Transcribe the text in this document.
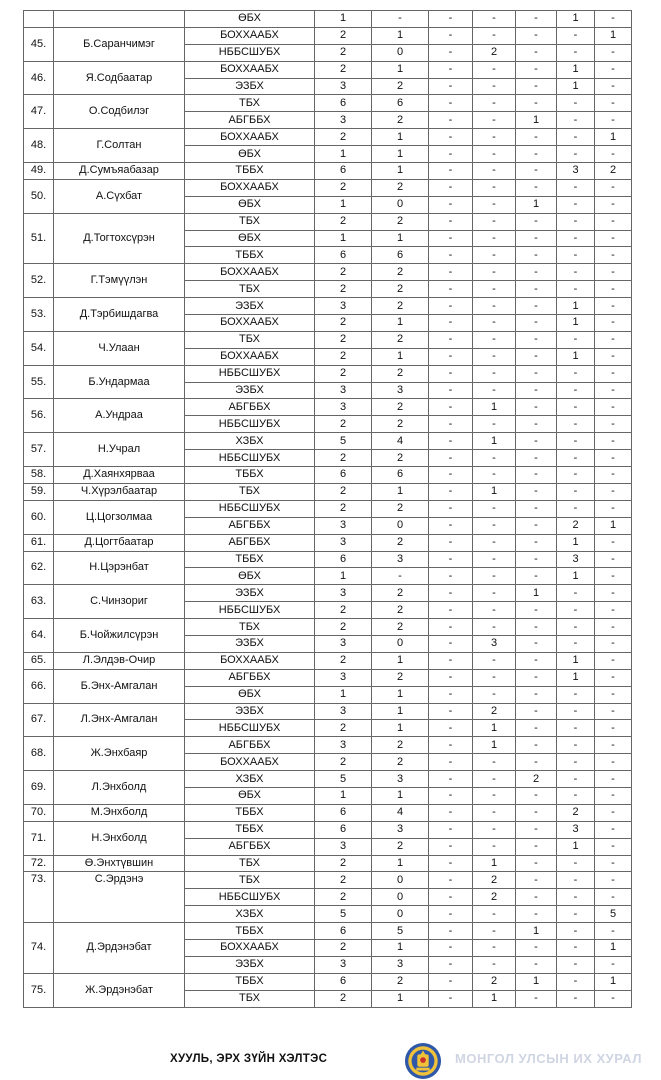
		ӨБХ	1	-	-	-	-	1	-
45.	Б.Саранчимэг	БОХХААБХ	2	1	-	-	-	-	1
		НББСШУБХ	2	0	-	2	-	-	-
46.	Я.Содбаатар	БОХХААБХ	2	1	-	-	-	1	-
		ЭЗБХ	3	2	-	-	-	1	-
47.	О.Содбилэг	ТБХ	6	6	-	-	-	-	-
		АБГББХ	3	2	-	-	1	-	-
48.	Г.Солтан	БОХХААБХ	2	1	-	-	-	-	1
		ӨБХ	1	1	-	-	-	-	-
49.	Д.Сумъяабазар	ТББХ	6	1	-	-	-	3	2
50.	А.Сүхбат	БОХХААБХ	2	2	-	-	-	-	-
		ӨБХ	1	0	-	-	1	-	-
51.	Д.Тогтохсүрэн	ТБХ	2	2	-	-	-	-	-
		ӨБХ	1	1	-	-	-	-	-
		ТББХ	6	6	-	-	-	-	-
52.	Г.Тэмүүлэн	БОХХААБХ	2	2	-	-	-	-	-
		ТБХ	2	2	-	-	-	-	-
53.	Д.Тэрбишдагва	ЭЗБХ	3	2	-	-	-	1	-
		БОХХААБХ	2	1	-	-	-	1	-
54.	Ч.Улаан	ТБХ	2	2	-	-	-	-	-
		БОХХААБХ	2	1	-	-	-	1	-
55.	Б.Ундармаа	НББСШУБХ	2	2	-	-	-	-	-
		ЭЗБХ	3	3	-	-	-	-	-
56.	А.Ундраа	АБГББХ	3	2	-	1	-	-	-
		НББСШУБХ	2	2	-	-	-	-	-
57.	Н.Учрал	ХЗБХ	5	4	-	1	-	-	-
		НББСШУБХ	2	2	-	-	-	-	-
58.	Д.Хаянхярваа	ТББХ	6	6	-	-	-	-	-
59.	Ч.Хүрэлбаатар	ТБХ	2	1	-	1	-	-	-
60.	Ц.Цогзолмаа	НББСШУБХ	2	2	-	-	-	-	-
		АБГББХ	3	0	-	-	-	2	1
61.	Д.Цогтбаатар	АБГББХ	3	2	-	-	-	1	-
62.	Н.Цэрэнбат	ТББХ	6	3	-	-	-	3	-
		ӨБХ	1	-	-	-	-	1	-
63.	С.Чинзориг	ЭЗБХ	3	2	-	-	1	-	-
		НББСШУБХ	2	2	-	-	-	-	-
64.	Б.Чойжилсүрэн	ТБХ	2	2	-	-	-	-	-
		ЭЗБХ	3	0	-	3	-	-	-
65.	Л.Элдэв-Очир	БОХХААБХ	2	1	-	-	-	1	-
66.	Б.Энх-Амгалан	АБГББХ	3	2	-	-	-	1	-
		ӨБХ	1	1	-	-	-	-	-
67.	Л.Энх-Амгалан	ЭЗБХ	3	1	-	2	-	-	-
		НББСШУБХ	2	1	-	1	-	-	-
68.	Ж.Энхбаяр	АБГББХ	3	2	-	1	-	-	-
		БОХХААБХ	2	2	-	-	-	-	-
69.	Л.Энхболд	ХЗБХ	5	3	-	-	2	-	-
		ӨБХ	1	1	-	-	-	-	-
70.	М.Энхболд	ТББХ	6	4	-	-	-	2	-
71.	Н.Энхболд	ТББХ	6	3	-	-	-	3	-
		АБГББХ	3	2	-	-	-	1	-
72.	Ө.Энхтүвшин	ТБХ	2	1	-	1	-	-	-
73.	С.Эрдэнэ	ТБХ	2	0	-	2	-	-	-
		НББСШУБХ	2	0	-	2	-	-	-
		ХЗБХ	5	0	-	-	-	-	5
74.	Д.Эрдэнэбат	ТББХ	6	5	-	-	1	-	-
		БОХХААБХ	2	1	-	-	-	-	1
		ЭЗБХ	3	3	-	-	-	-	-
75.	Ж.Эрдэнэбат	ТББХ	6	2	-	2	1	-	1
		ТБХ	2	1	-	1	-	-	-
ХУУЛЬ, ЭРХ ЗҮЙН ХЭЛТЭС	МОНГОЛ УЛСЫН ИХ ХУРАЛ
